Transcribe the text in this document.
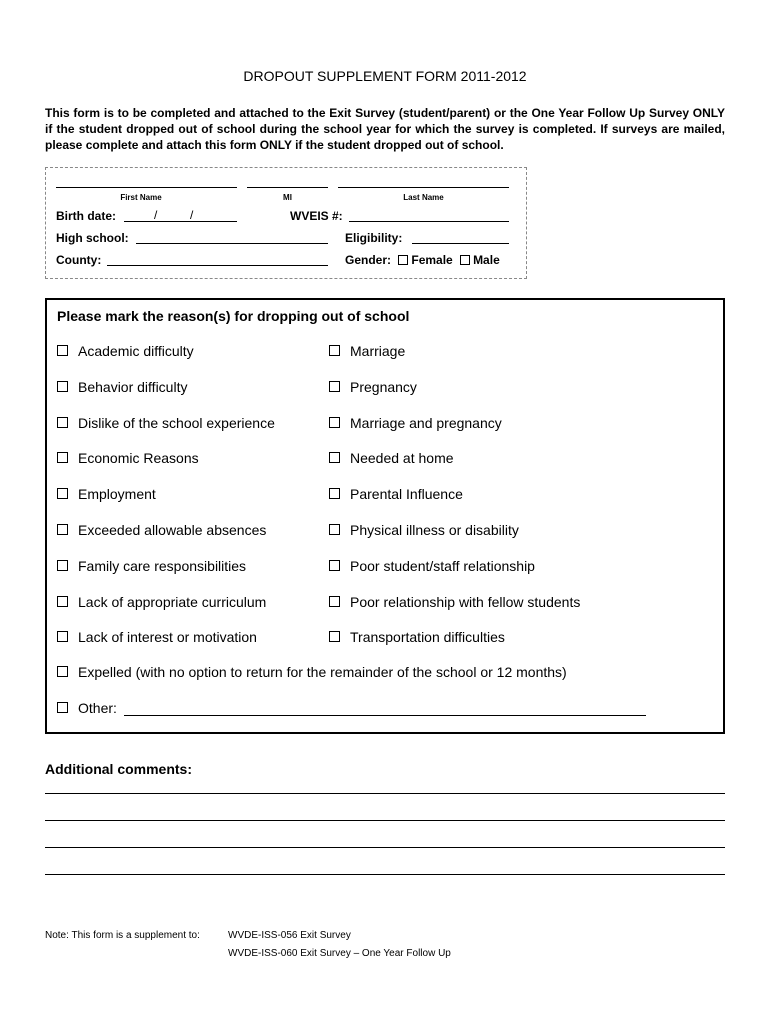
DROPOUT SUPPLEMENT FORM 2011-2012
This form is to be completed and attached to the Exit Survey (student/parent) or the One Year Follow Up Survey ONLY if the student dropped out of school during the school year for which the survey is completed. If surveys are mailed, please complete and attach this form ONLY if the student dropped out of school.
First Name	MI	Last Name
Birth date:	/	/	WVEIS #:
High school:	Eligibility:
County:	Gender: Female Male
Please mark the reason(s) for dropping out of school
Academic difficulty
Behavior difficulty
Dislike of the school experience
Economic Reasons
Employment
Exceeded allowable absences
Family care responsibilities
Lack of appropriate curriculum
Lack of interest or motivation
Marriage
Pregnancy
Marriage and pregnancy
Needed at home
Parental Influence
Physical illness or disability
Poor student/staff relationship
Poor relationship with fellow students
Transportation difficulties
Expelled (with no option to return for the remainder of the school or 12 months)
Other:
Additional comments:
Note: This form is a supplement to:	WVDE-ISS-056 Exit Survey
WVDE-ISS-060 Exit Survey – One Year Follow Up
